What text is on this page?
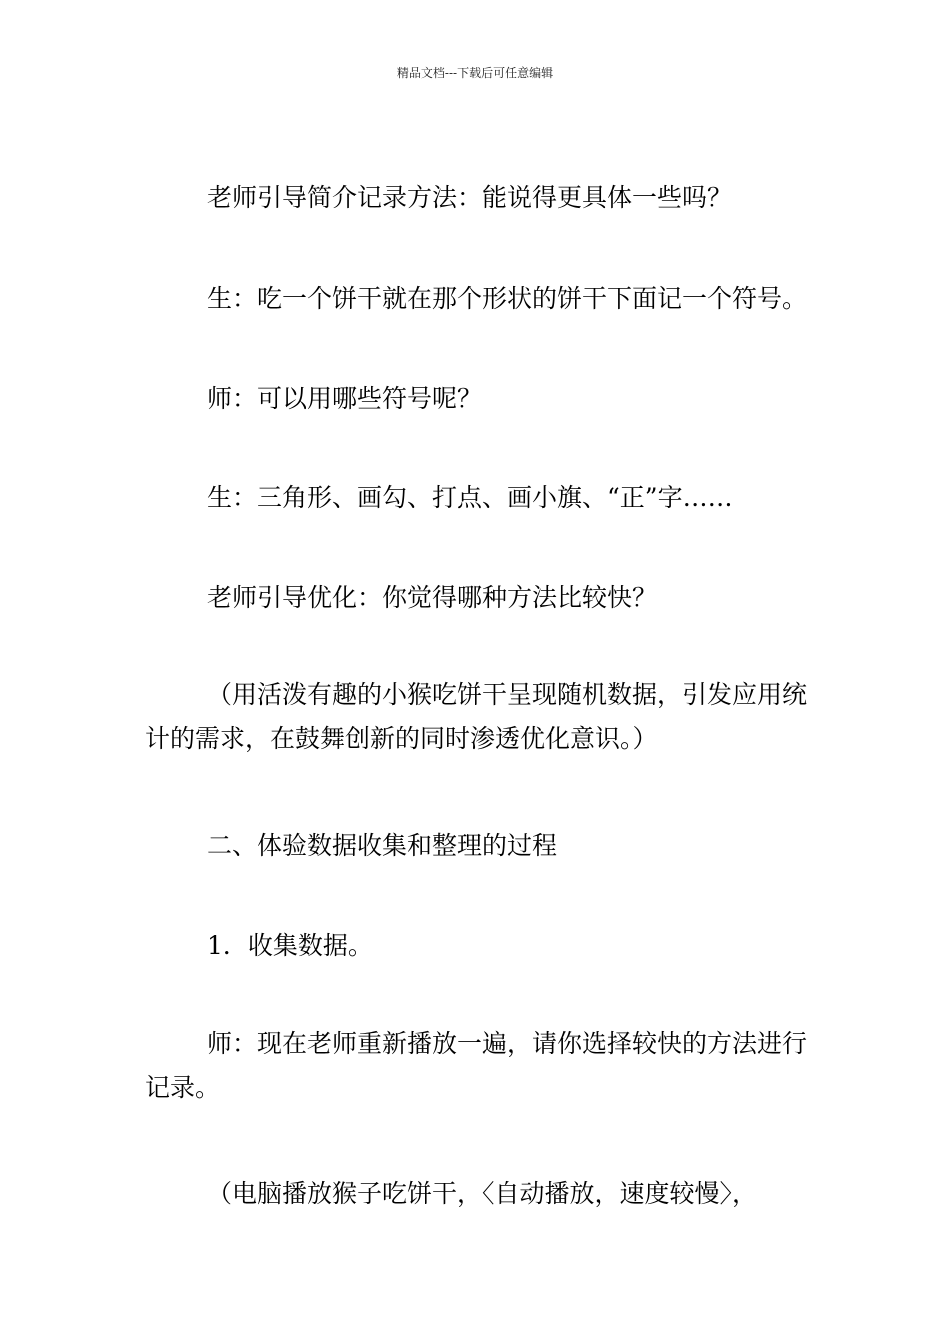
精品文档---下载后可任意编辑

老师引导简介记录方法：能说得更具体一些吗？

生：吃一个饼干就在那个形状的饼干下面记一个符号。

师：可以用哪些符号呢？

生：三角形、画勾、打点、画小旗、“正”字……

老师引导优化：你觉得哪种方法比较快？

（用活泼有趣的小猴吃饼干呈现随机数据，引发应用统计的需求，在鼓舞创新的同时渗透优化意识。）

二、体验数据收集和整理的过程

1．收集数据。

师：现在老师重新播放一遍，请你选择较快的方法进行记录。

（电脑播放猴子吃饼干，〈自动播放，速度较慢〉，
